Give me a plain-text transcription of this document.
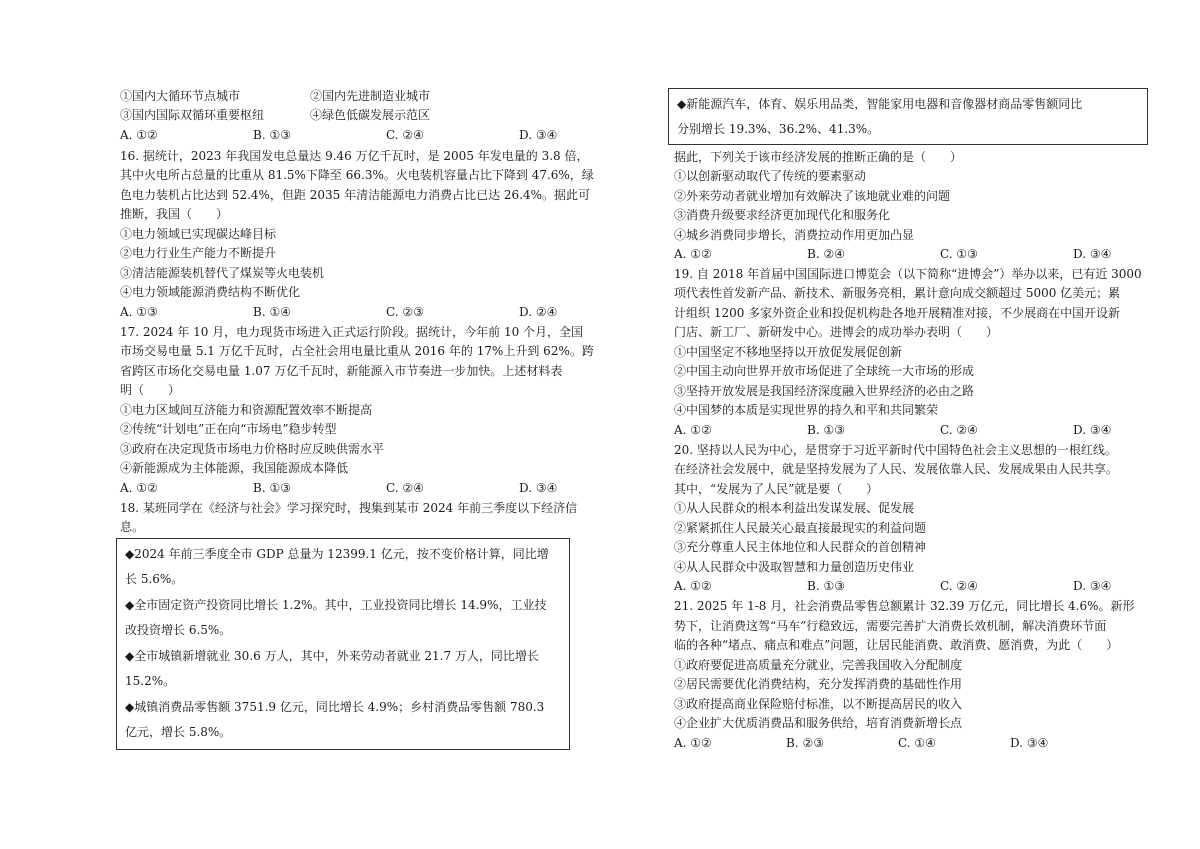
①国内大循环节点城市	②国内先进制造业城市
③国内国际双循环重要枢纽	④绿色低碳发展示范区
A. ①②	B. ①③	C. ②④	D. ③④
16. 据统计，2023 年我国发电总量达 9.46 万亿千瓦时，是 2005 年发电量的 3.8 倍，
其中火电所占总量的比重从 81.5%下降至 66.3%。火电装机容量占比下降到 47.6%，绿
色电力装机占比达到 52.4%，但距 2035 年清洁能源电力消费占比已达 26.4%。据此可
推断，我国（　　）
①电力领域已实现碳达峰目标
②电力行业生产能力不断提升
③清洁能源装机替代了煤炭等火电装机
④电力领域能源消费结构不断优化
A. ①③	B. ①④	C. ②③	D. ②④
17. 2024 年 10 月，电力现货市场进入正式运行阶段。据统计，今年前 10 个月，全国
市场交易电量 5.1 万亿千瓦时，占全社会用电量比重从 2016 年的 17%上升到 62%。跨
省跨区市场化交易电量 1.07 万亿千瓦时，新能源入市节奏进一步加快。上述材料表
明（　　）
①电力区域间互济能力和资源配置效率不断提高
②传统“计划电”正在向“市场电”稳步转型
③政府在决定现货市场电力价格时应反映供需水平
④新能源成为主体能源，我国能源成本降低
A. ①②	B. ①③	C. ②④	D. ③④
18. 某班同学在《经济与社会》学习探究时，搜集到某市 2024 年前三季度以下经济信
息。
◆2024 年前三季度全市 GDP 总量为 12399.1 亿元，按不变价格计算，同比增
长 5.6%。
◆全市固定资产投资同比增长 1.2%。其中，工业投资同比增长 14.9%，工业技
改投资增长 6.5%。
◆全市城镇新增就业 30.6 万人，其中，外来劳动者就业 21.7 万人，同比增长
15.2%。
◆城镇消费品零售额 3751.9 亿元，同比增长 4.9%；乡村消费品零售额 780.3
亿元，增长 5.8%。
◆新能源汽车，体育、娱乐用品类，智能家用电器和音像器材商品零售额同比
分别增长 19.3%、36.2%、41.3%。
据此，下列关于该市经济发展的推断正确的是（　　）
①以创新驱动取代了传统的要素驱动
②外来劳动者就业增加有效解决了该地就业难的问题
③消费升级要求经济更加现代化和服务化
④城乡消费同步增长，消费拉动作用更加凸显
A. ①②	B. ②④	C. ①③	D. ③④
19. 自 2018 年首届中国国际进口博览会（以下简称“进博会”）举办以来，已有近 3000
项代表性首发新产品、新技术、新服务亮相，累计意向成交额超过 5000 亿美元；累
计组织 1200 多家外资企业和投促机构赴各地开展精准对接，不少展商在中国开设新
门店、新工厂、新研发中心。进博会的成功举办表明（　　）
①中国坚定不移地坚持以开放促发展促创新
②中国主动向世界开放市场促进了全球统一大市场的形成
③坚持开放发展是我国经济深度融入世界经济的必由之路
④中国梦的本质是实现世界的持久和平和共同繁荣
A. ①②	B. ①③	C. ②④	D. ③④
20. 坚持以人民为中心，是贯穿于习近平新时代中国特色社会主义思想的一根红线。
在经济社会发展中，就是坚持发展为了人民、发展依靠人民、发展成果由人民共享。
其中，“发展为了人民”就是要（　　）
①从人民群众的根本利益出发谋发展、促发展
②紧紧抓住人民最关心最直接最现实的利益问题
③充分尊重人民主体地位和人民群众的首创精神
④从人民群众中汲取智慧和力量创造历史伟业
A. ①②	B. ①③	C. ②④	D. ③④
21. 2025 年 1-8 月，社会消费品零售总额累计 32.39 万亿元，同比增长 4.6%。新形
势下，让消费这驾“马车”行稳致远，需要完善扩大消费长效机制，解决消费环节面
临的各种“堵点、痛点和难点”问题，让居民能消费、敢消费、愿消费，为此（　　）
①政府要促进高质量充分就业，完善我国收入分配制度
②居民需要优化消费结构，充分发挥消费的基础性作用
③政府提高商业保险赔付标准，以不断提高居民的收入
④企业扩大优质消费品和服务供给，培育消费新增长点
A. ①②	B. ②③	C. ①④	D. ③④
